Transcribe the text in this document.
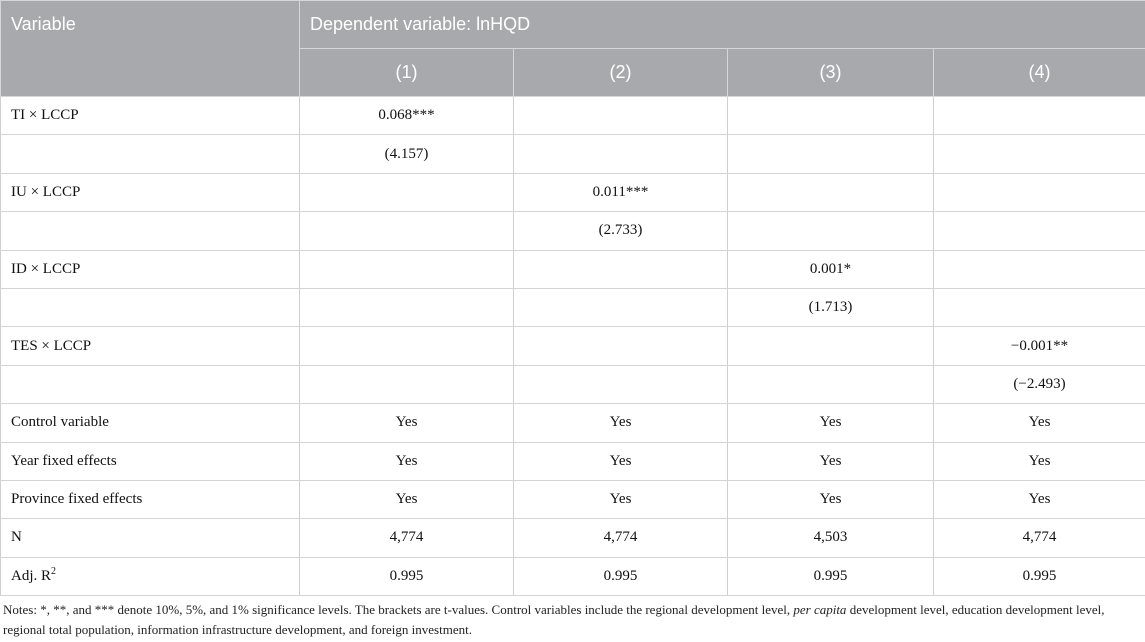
Variable	Dependent variable: lnHQD			
	(1)	(2)	(3)	(4)
TI × LCCP	0.068***			
	(4.157)			
IU × LCCP		0.011***		
		(2.733)		
ID × LCCP			0.001*	
			(1.713)	
TES × LCCP				−0.001**
				(−2.493)
Control variable	Yes	Yes	Yes	Yes
Year fixed effects	Yes	Yes	Yes	Yes
Province fixed effects	Yes	Yes	Yes	Yes
N	4,774	4,774	4,503	4,774
Adj. $R^2$	0.995	0.995	0.995	0.995
Notes: *, **, and *** denote 10%, 5%, and 1% significance levels. The brackets are t-values. Control variables include the regional development level, per capita development level, education development level, regional total population, information infrastructure development, and foreign investment.
